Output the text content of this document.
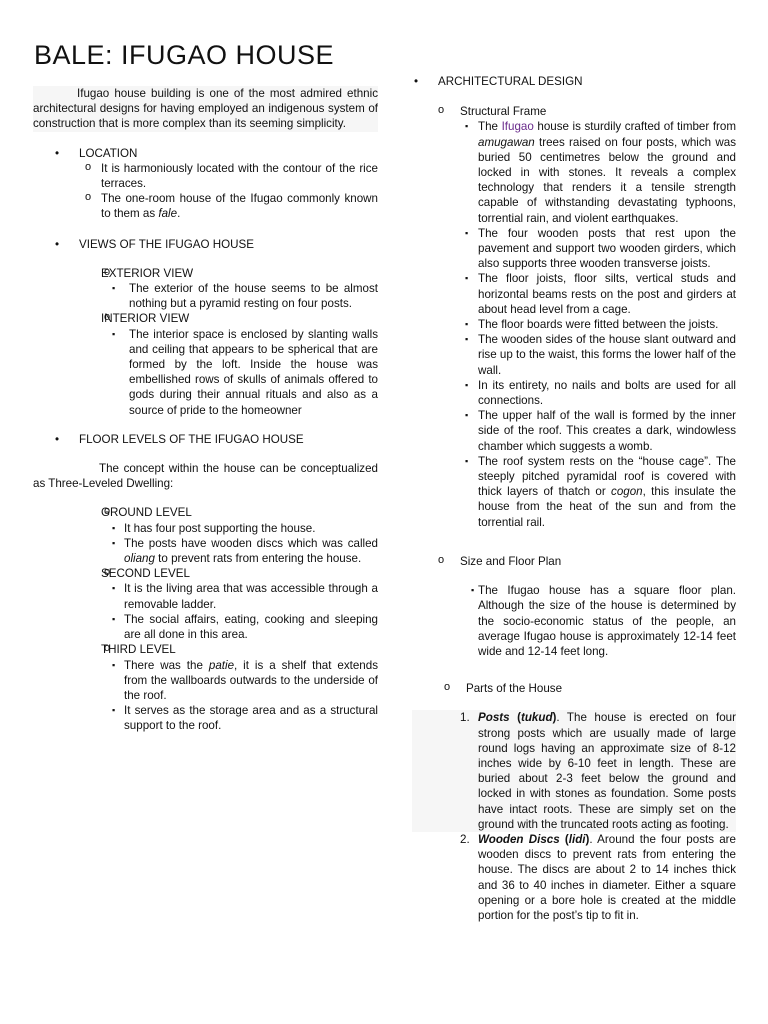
BALE: IFUGAO HOUSE

Ifugao house building is one of the most admired ethnic architectural designs for having employed an indigenous system of construction that is more complex than its seeming simplicity.

• LOCATION

o It is harmoniously located with the contour of the rice terraces.

o The one-room house of the Ifugao commonly known to them as fale.

• VIEWS OF THE IFUGAO HOUSE

o EXTERIOR VIEW

▪ The exterior of the house seems to be almost nothing but a pyramid resting on four posts.

o INTERIOR VIEW

▪ The interior space is enclosed by slanting walls and ceiling that appears to be spherical that are formed by the loft. Inside the house was embellished rows of skulls of animals offered to gods during their annual rituals and also as a source of pride to the homeowner

• FLOOR LEVELS OF THE IFUGAO HOUSE

The concept within the house can be conceptualized as Three-Leveled Dwelling:

o GROUND LEVEL

▪ It has four post supporting the house.

▪ The posts have wooden discs which was called oliang to prevent rats from entering the house.

o SECOND LEVEL

▪ It is the living area that was accessible through a removable ladder.

▪ The social affairs, eating, cooking and sleeping are all done in this area.

o THIRD LEVEL

▪ There was the patie, it is a shelf that extends from the wallboards outwards to the underside of the roof.

▪ It serves as the storage area and as a structural support to the roof.

• ARCHITECTURAL DESIGN

o Structural Frame

▪ The Ifugao house is sturdily crafted of timber from amugawan trees raised on four posts, which was buried 50 centimetres below the ground and locked in with stones. It reveals a complex technology that renders it a tensile strength capable of withstanding devastating typhoons, torrential rain, and violent earthquakes.

▪ The four wooden posts that rest upon the pavement and support two wooden girders, which also supports three wooden transverse joists.

▪ The floor joists, floor silts, vertical studs and horizontal beams rests on the post and girders at about head level from a cage.

▪ The floor boards were fitted between the joists.

▪ The wooden sides of the house slant outward and rise up to the waist, this forms the lower half of the wall.

▪ In its entirety, no nails and bolts are used for all connections.

▪ The upper half of the wall is formed by the inner side of the roof. This creates a dark, windowless chamber which suggests a womb.

▪ The roof system rests on the “house cage”. The steeply pitched pyramidal roof is covered with thick layers of thatch or cogon, this insulate the house from the heat of the sun and from the torrential rail.

o Size and Floor Plan

▪ The Ifugao house has a square floor plan. Although the size of the house is determined by the socio-economic status of the people, an average Ifugao house is approximately 12-14 feet wide and 12-14 feet long.

o Parts of the House

1. Posts (tukud). The house is erected on four strong posts which are usually made of large round logs having an approximate size of 8-12 inches wide by 6-10 feet in length. These are buried about 2-3 feet below the ground and locked in with stones as foundation. Some posts have intact roots. These are simply set on the ground with the truncated roots acting as footing.

2. Wooden Discs (lidi). Around the four posts are wooden discs to prevent rats from entering the house. The discs are about 2 to 14 inches thick and 36 to 40 inches in diameter. Either a square opening or a bore hole is created at the middle portion for the post’s tip to fit in.
